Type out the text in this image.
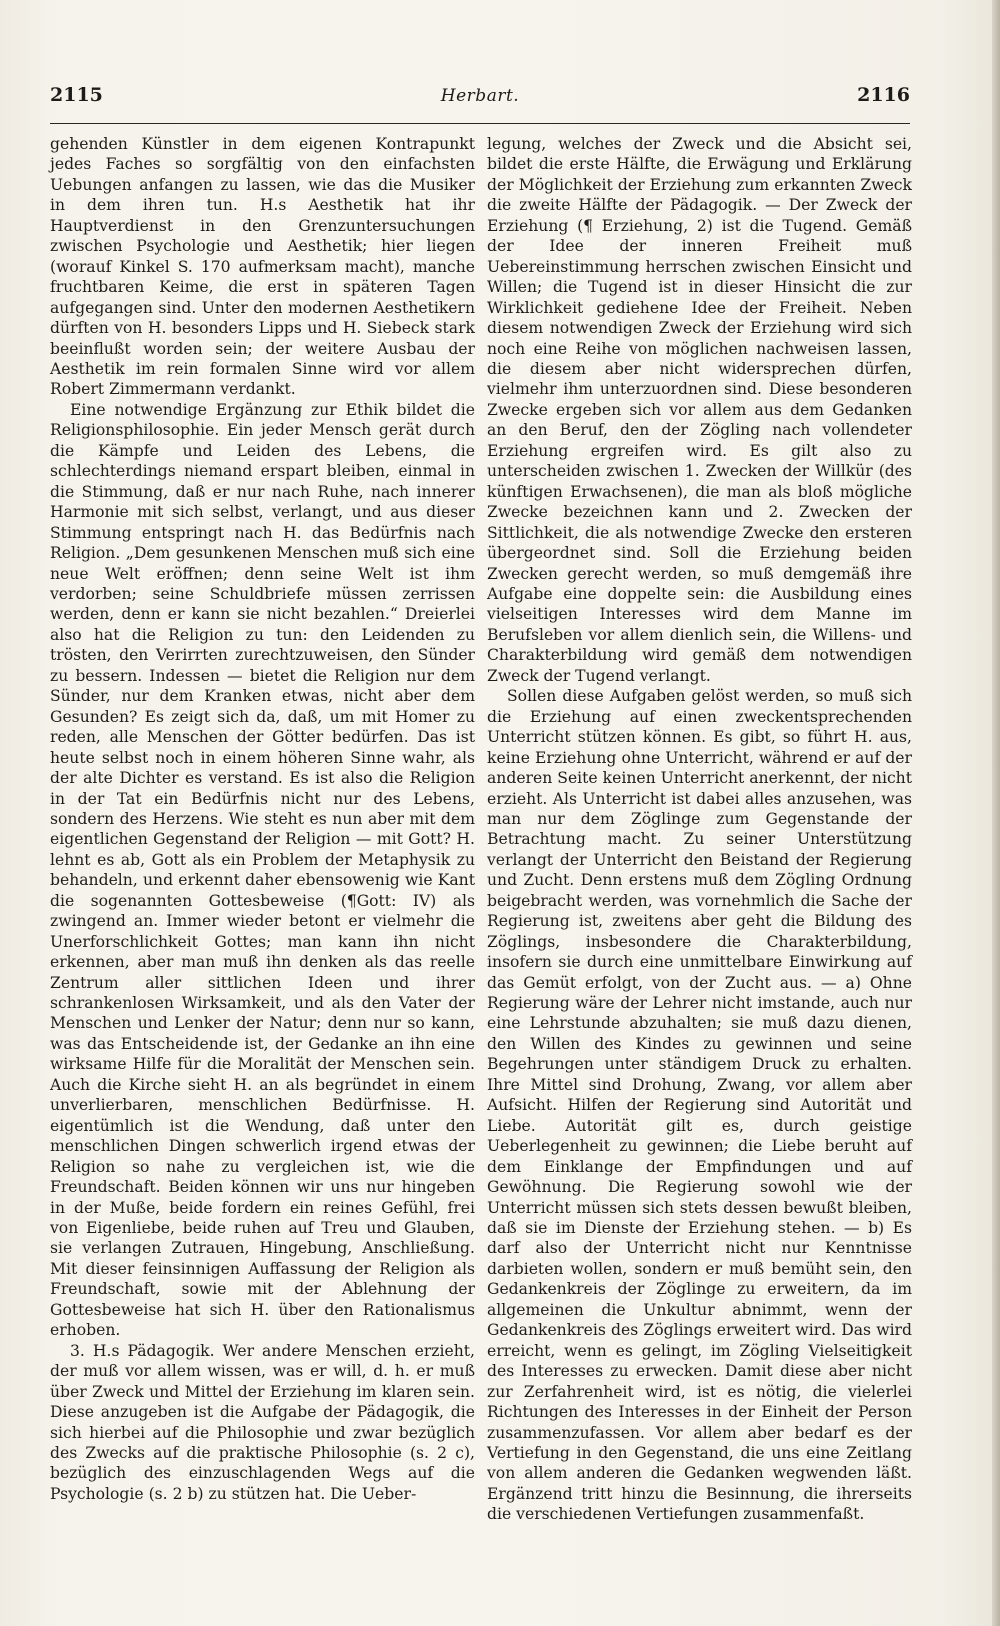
2115	Herbart.	2116

gehenden Künstler in dem eigenen Kontrapunkt jedes Faches so sorgfältig von den einfachsten Uebungen anfangen zu lassen, wie das die Musiker in dem ihren tun. H.s Aesthetik hat ihr Hauptverdienst in den Grenzuntersuchungen zwischen Psychologie und Aesthetik; hier liegen (worauf Kinkel S. 170 aufmerksam macht), manche fruchtbaren Keime, die erst in späteren Tagen aufgegangen sind. Unter den modernen Aesthetikern dürften von H. besonders Lipps und H. Siebeck stark beeinflußt worden sein; der weitere Ausbau der Aesthetik im rein formalen Sinne wird vor allem Robert Zimmermann verdankt.

Eine notwendige Ergänzung zur Ethik bildet die Religionsphilosophie. Ein jeder Mensch gerät durch die Kämpfe und Leiden des Lebens, die schlechterdings niemand erspart bleiben, einmal in die Stimmung, daß er nur nach Ruhe, nach innerer Harmonie mit sich selbst, verlangt, und aus dieser Stimmung entspringt nach H. das Bedürfnis nach Religion. „Dem gesunkenen Menschen muß sich eine neue Welt eröffnen; denn seine Welt ist ihm verdorben; seine Schuldbriefe müssen zerrissen werden, denn er kann sie nicht bezahlen.“ Dreierlei also hat die Religion zu tun: den Leidenden zu trösten, den Verirrten zurechtzuweisen, den Sünder zu bessern. Indessen — bietet die Religion nur dem Sünder, nur dem Kranken etwas, nicht aber dem Gesunden? Es zeigt sich da, daß, um mit Homer zu reden, alle Menschen der Götter bedürfen. Das ist heute selbst noch in einem höheren Sinne wahr, als der alte Dichter es verstand. Es ist also die Religion in der Tat ein Bedürfnis nicht nur des Lebens, sondern des Herzens. Wie steht es nun aber mit dem eigentlichen Gegenstand der Religion — mit Gott? H. lehnt es ab, Gott als ein Problem der Metaphysik zu behandeln, und erkennt daher ebensowenig wie Kant die sogenannten Gottesbeweise (¶Gott: IV) als zwingend an. Immer wieder betont er vielmehr die Unerforschlichkeit Gottes; man kann ihn nicht erkennen, aber man muß ihn denken als das reelle Zentrum aller sittlichen Ideen und ihrer schrankenlosen Wirksamkeit, und als den Vater der Menschen und Lenker der Natur; denn nur so kann, was das Entscheidende ist, der Gedanke an ihn eine wirksame Hilfe für die Moralität der Menschen sein. Auch die Kirche sieht H. an als begründet in einem unverlierbaren, menschlichen Bedürfnisse. H. eigentümlich ist die Wendung, daß unter den menschlichen Dingen schwerlich irgend etwas der Religion so nahe zu vergleichen ist, wie die Freundschaft. Beiden können wir uns nur hingeben in der Muße, beide fordern ein reines Gefühl, frei von Eigenliebe, beide ruhen auf Treu und Glauben, sie verlangen Zutrauen, Hingebung, Anschließung. Mit dieser feinsinnigen Auffassung der Religion als Freundschaft, sowie mit der Ablehnung der Gottesbeweise hat sich H. über den Rationalismus erhoben.

3. H.s Pädagogik. Wer andere Menschen erzieht, der muß vor allem wissen, was er will, d. h. er muß über Zweck und Mittel der Erziehung im klaren sein. Diese anzugeben ist die Aufgabe der Pädagogik, die sich hierbei auf die Philosophie und zwar bezüglich des Zwecks auf die praktische Philosophie (s. 2 c), bezüglich des einzuschlagenden Wegs auf die Psychologie (s. 2 b) zu stützen hat. Die Ueber-

legung, welches der Zweck und die Absicht sei, bildet die erste Hälfte, die Erwägung und Erklärung der Möglichkeit der Erziehung zum erkannten Zweck die zweite Hälfte der Pädagogik. — Der Zweck der Erziehung (¶ Erziehung, 2) ist die Tugend. Gemäß der Idee der inneren Freiheit muß Uebereinstimmung herrschen zwischen Einsicht und Willen; die Tugend ist in dieser Hinsicht die zur Wirklichkeit gediehene Idee der Freiheit. Neben diesem notwendigen Zweck der Erziehung wird sich noch eine Reihe von möglichen nachweisen lassen, die diesem aber nicht widersprechen dürfen, vielmehr ihm unterzuordnen sind. Diese besonderen Zwecke ergeben sich vor allem aus dem Gedanken an den Beruf, den der Zögling nach vollendeter Erziehung ergreifen wird. Es gilt also zu unterscheiden zwischen 1. Zwecken der Willkür (des künftigen Erwachsenen), die man als bloß mögliche Zwecke bezeichnen kann und 2. Zwecken der Sittlichkeit, die als notwendige Zwecke den ersteren übergeordnet sind. Soll die Erziehung beiden Zwecken gerecht werden, so muß demgemäß ihre Aufgabe eine doppelte sein: die Ausbildung eines vielseitigen Interesses wird dem Manne im Berufsleben vor allem dienlich sein, die Willens- und Charakterbildung wird gemäß dem notwendigen Zweck der Tugend verlangt.

Sollen diese Aufgaben gelöst werden, so muß sich die Erziehung auf einen zweckentsprechenden Unterricht stützen können. Es gibt, so führt H. aus, keine Erziehung ohne Unterricht, während er auf der anderen Seite keinen Unterricht anerkennt, der nicht erzieht. Als Unterricht ist dabei alles anzusehen, was man nur dem Zöglinge zum Gegenstande der Betrachtung macht. Zu seiner Unterstützung verlangt der Unterricht den Beistand der Regierung und Zucht. Denn erstens muß dem Zögling Ordnung beigebracht werden, was vornehmlich die Sache der Regierung ist, zweitens aber geht die Bildung des Zöglings, insbesondere die Charakterbildung, insofern sie durch eine unmittelbare Einwirkung auf das Gemüt erfolgt, von der Zucht aus. — a) Ohne Regierung wäre der Lehrer nicht imstande, auch nur eine Lehrstunde abzuhalten; sie muß dazu dienen, den Willen des Kindes zu gewinnen und seine Begehrungen unter ständigem Druck zu erhalten. Ihre Mittel sind Drohung, Zwang, vor allem aber Aufsicht. Hilfen der Regierung sind Autorität und Liebe. Autorität gilt es, durch geistige Ueberlegenheit zu gewinnen; die Liebe beruht auf dem Einklange der Empfindungen und auf Gewöhnung. Die Regierung sowohl wie der Unterricht müssen sich stets dessen bewußt bleiben, daß sie im Dienste der Erziehung stehen. — b) Es darf also der Unterricht nicht nur Kenntnisse darbieten wollen, sondern er muß bemüht sein, den Gedankenkreis der Zöglinge zu erweitern, da im allgemeinen die Unkultur abnimmt, wenn der Gedankenkreis des Zöglings erweitert wird. Das wird erreicht, wenn es gelingt, im Zögling Vielseitigkeit des Interesses zu erwecken. Damit diese aber nicht zur Zerfahrenheit wird, ist es nötig, die vielerlei Richtungen des Interesses in der Einheit der Person zusammenzufassen. Vor allem aber bedarf es der Vertiefung in den Gegenstand, die uns eine Zeitlang von allem anderen die Gedanken wegwenden läßt. Ergänzend tritt hinzu die Besinnung, die ihrerseits die verschiedenen Vertiefungen zusammenfaßt.
